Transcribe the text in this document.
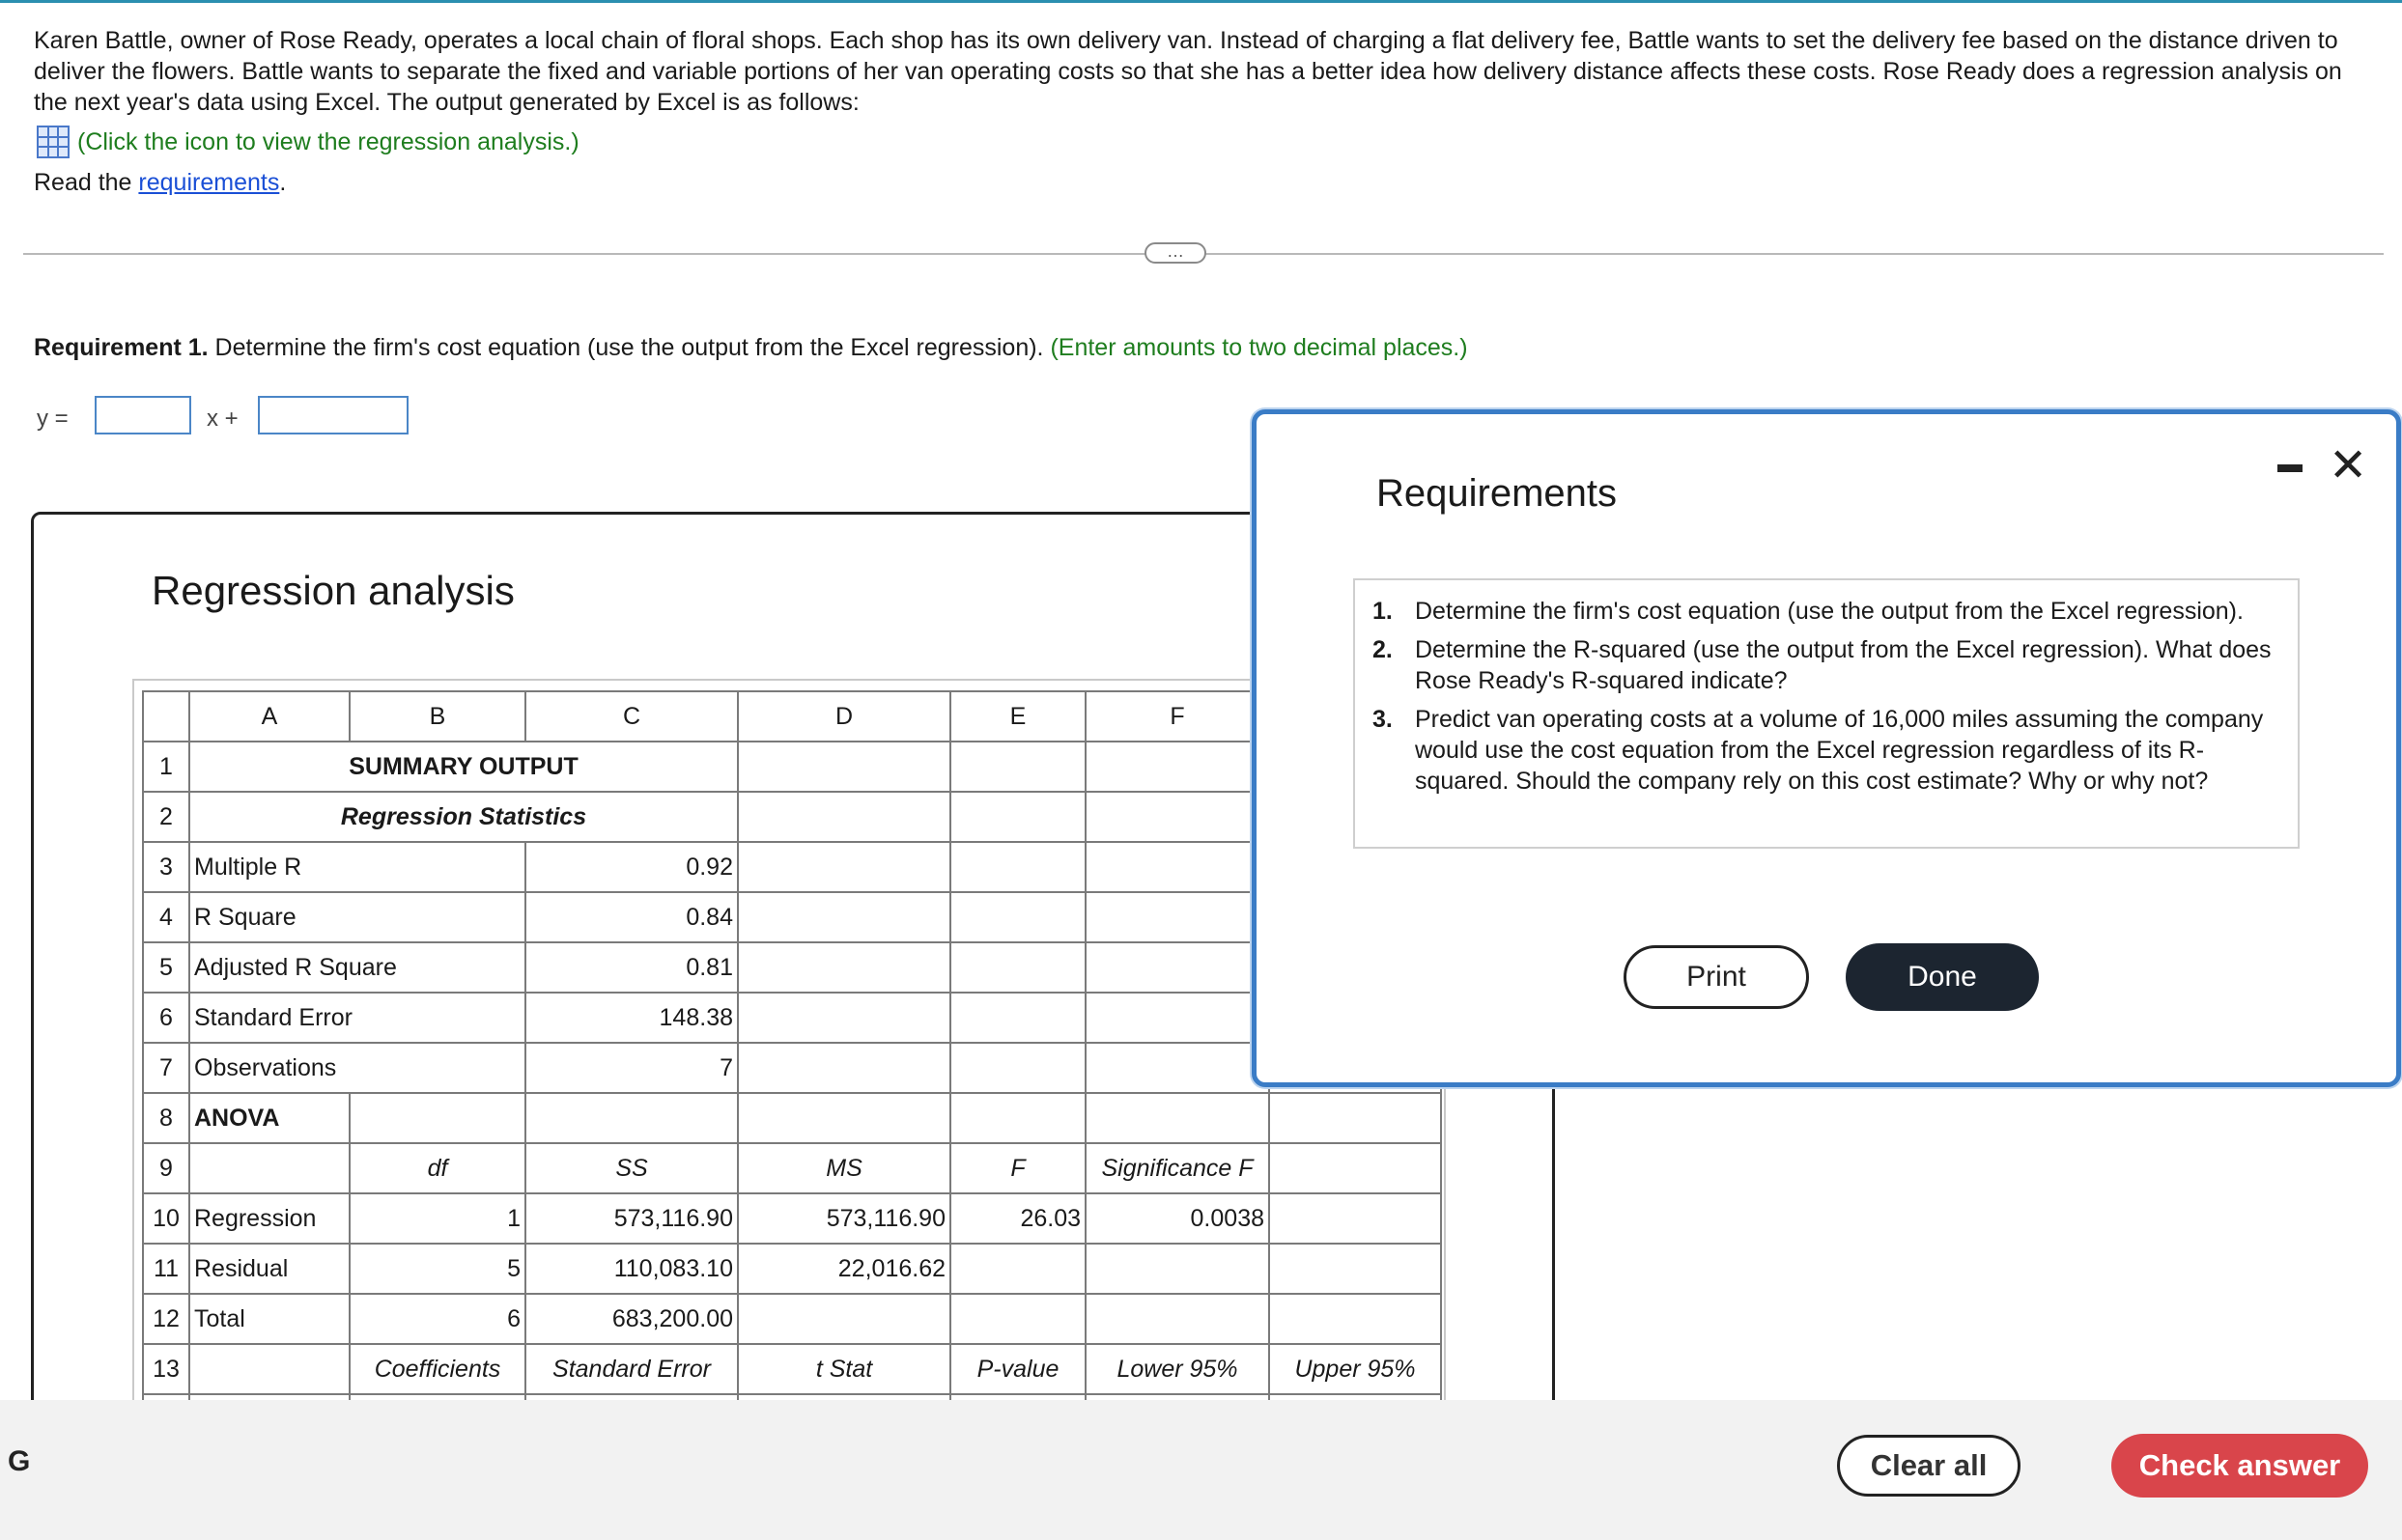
Karen Battle, owner of Rose Ready, operates a local chain of floral shops. Each shop has its own delivery van. Instead of charging a flat delivery fee, Battle wants to set the delivery fee based on the distance driven to deliver the flowers. Battle wants to separate the fixed and variable portions of her van operating costs so that she has a better idea how delivery distance affects these costs. Rose Ready does a regression analysis on the next year's data using Excel. The output generated by Excel is as follows:
(Click the icon to view the regression analysis.)
Read the requirements.
…
Requirement 1. Determine the firm's cost equation (use the output from the Excel regression). (Enter amounts to two decimal places.)
y =	x +
Regression analysis
	A	B	C	D	E	F	
1	SUMMARY OUTPUT						
2	Regression Statistics						
3	Multiple R		0.92				
4	R Square		0.84				
5	Adjusted R Square		0.81				
6	Standard Error		148.38				
7	Observations		7				
8	ANOVA						
9		df	SS	MS	F	Significance F	
10	Regression	1	573,116.90	573,116.90	26.03	0.0038	
11	Residual	5	110,083.10	22,016.62			
12	Total	6	683,200.00				
13		Coefficients	Standard Error	t Stat	P-value	Lower 95%	Upper 95%

G	Clear all	Check answer
Requirements
✕
1. Determine the firm's cost equation (use the output from the Excel regression).
2. Determine the R-squared (use the output from the Excel regression). What does Rose Ready's R-squared indicate?
3. Predict van operating costs at a volume of 16,000 miles assuming the company would use the cost equation from the Excel regression regardless of its R-squared. Should the company rely on this cost estimate? Why or why not?
Print	Done
